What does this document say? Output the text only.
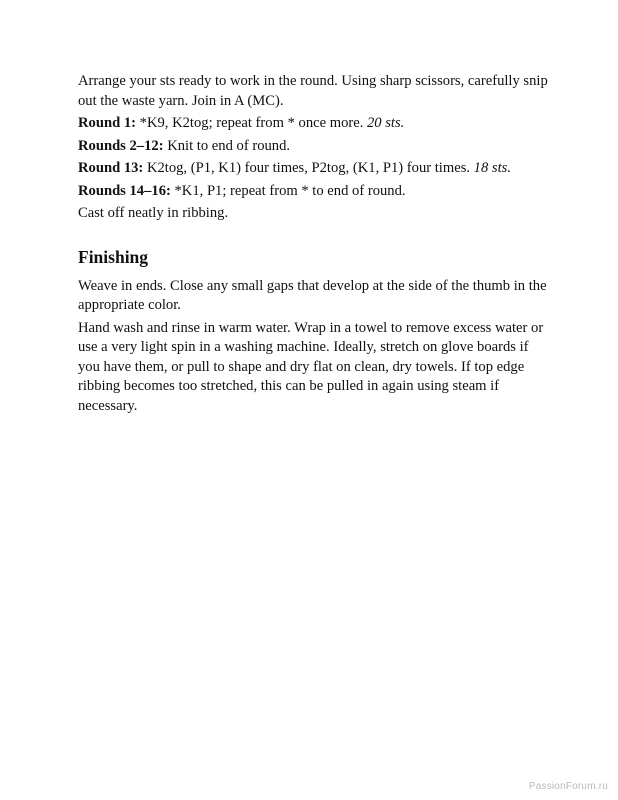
Arrange your sts ready to work in the round. Using sharp scissors, carefully snip out the waste yarn. Join in A (MC).

Round 1: *K9, K2tog; repeat from * once more. 20 sts.

Rounds 2–12: Knit to end of round.

Round 13: K2tog, (P1, K1) four times, P2tog, (K1, P1) four times. 18 sts.

Rounds 14–16: *K1, P1; repeat from * to end of round.

Cast off neatly in ribbing.

Finishing

Weave in ends. Close any small gaps that develop at the side of the thumb in the appropriate color.

Hand wash and rinse in warm water. Wrap in a towel to remove excess water or use a very light spin in a washing machine. Ideally, stretch on glove boards if you have them, or pull to shape and dry flat on clean, dry towels. If top edge ribbing becomes too stretched, this can be pulled in again using steam if necessary.

PassionForum.ru
